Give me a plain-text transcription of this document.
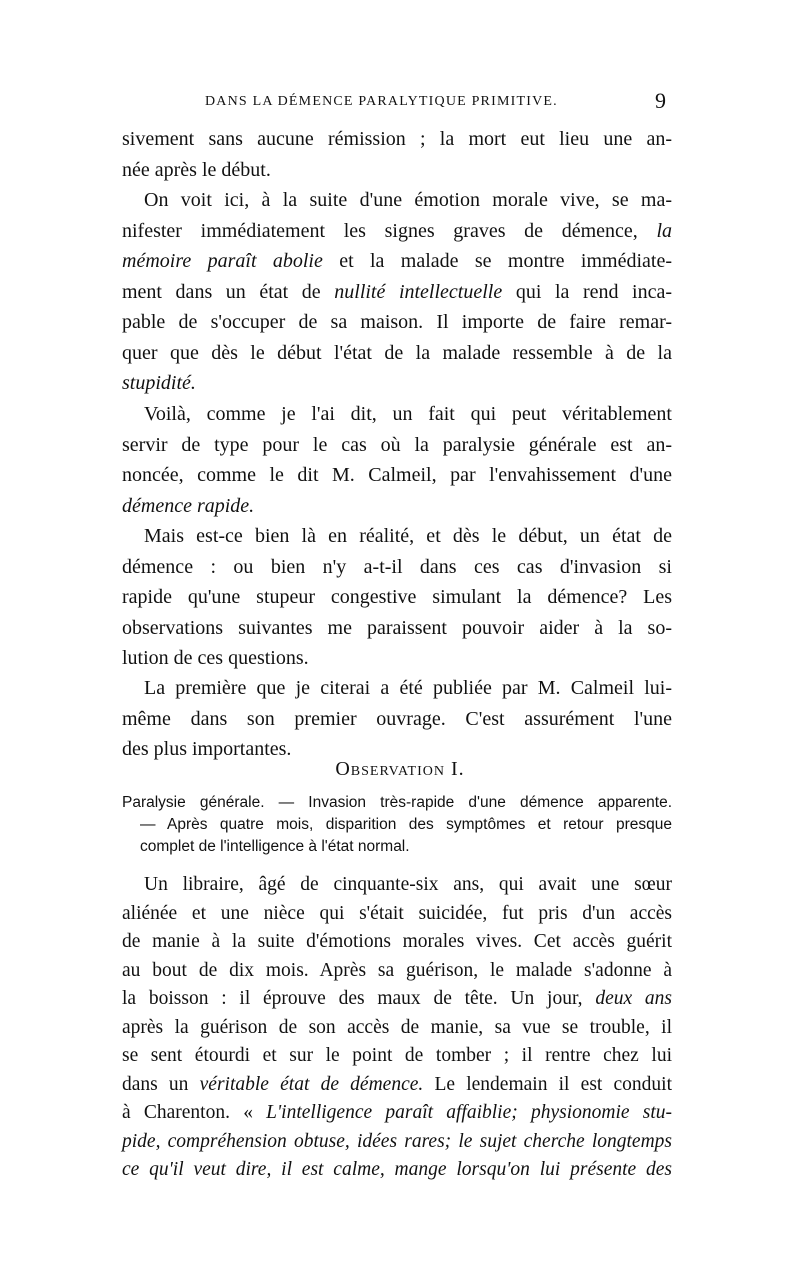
DANS LA DÉMENCE PARALYTIQUE PRIMITIVE.	9
sivement sans aucune rémission ; la mort eut lieu une an-
née après le début.
On voit ici, à la suite d'une émotion morale vive, se ma-
nifester immédiatement les signes graves de démence, la
mémoire paraît abolie et la malade se montre immédiate-
ment dans un état de nullité intellectuelle qui la rend inca-
pable de s'occuper de sa maison. Il importe de faire remar-
quer que dès le début l'état de la malade ressemble à de la
stupidité.
Voilà, comme je l'ai dit, un fait qui peut véritablement
servir de type pour le cas où la paralysie générale est an-
noncée, comme le dit M. Calmeil, par l'envahissement d'une
démence rapide.
Mais est-ce bien là en réalité, et dès le début, un état de
démence : ou bien n'y a-t-il dans ces cas d'invasion si
rapide qu'une stupeur congestive simulant la démence? Les
observations suivantes me paraissent pouvoir aider à la so-
lution de ces questions.
La première que je citerai a été publiée par M. Calmeil lui-
même dans son premier ouvrage. C'est assurément l'une
des plus importantes.
Observation I.
Paralysie générale. — Invasion très-rapide d'une démence apparente.
— Après quatre mois, disparition des symptômes et retour presque
complet de l'intelligence à l'état normal.
Un libraire, âgé de cinquante-six ans, qui avait une sœur
aliénée et une nièce qui s'était suicidée, fut pris d'un accès
de manie à la suite d'émotions morales vives. Cet accès guérit
au bout de dix mois. Après sa guérison, le malade s'adonne à
la boisson : il éprouve des maux de tête. Un jour, deux ans
après la guérison de son accès de manie, sa vue se trouble, il
se sent étourdi et sur le point de tomber ; il rentre chez lui
dans un véritable état de démence. Le lendemain il est conduit
à Charenton. « L'intelligence paraît affaiblie; physionomie stu-
pide, compréhension obtuse, idées rares; le sujet cherche longtemps
ce qu'il veut dire, il est calme, mange lorsqu'on lui présente des
